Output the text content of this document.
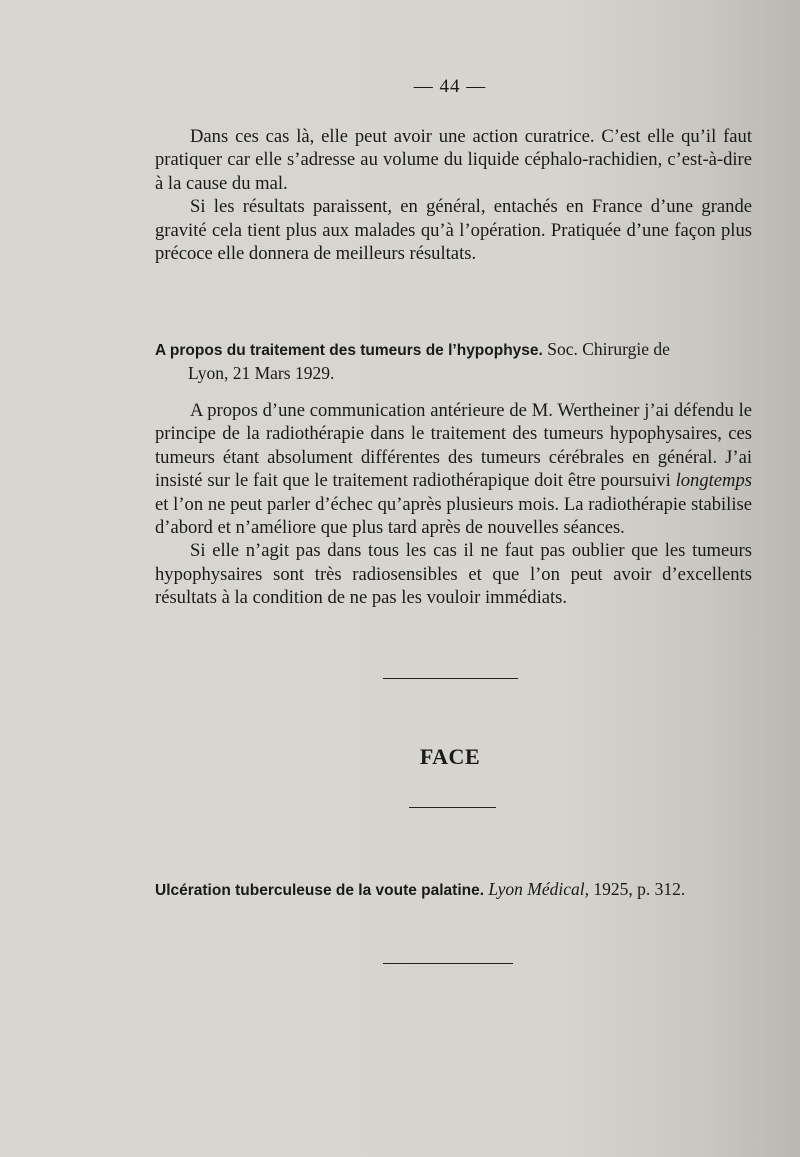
— 44 —

Dans ces cas là, elle peut avoir une action curatrice. C’est elle qu’il faut pratiquer car elle s’adresse au volume du liquide céphalo-rachidien, c’est-à-dire à la cause du mal.

Si les résultats paraissent, en général, entachés en France d’une grande gravité cela tient plus aux malades qu’à l’opération. Pratiquée d’une façon plus précoce elle donnera de meilleurs résultats.

A propos du traitement des tumeurs de l’hypophyse. Soc. Chirurgie de
Lyon, 21 Mars 1929.

A propos d’une communication antérieure de M. Wertheiner j’ai défendu le principe de la radiothérapie dans le traitement des tumeurs hypophysaires, ces tumeurs étant absolument différentes des tumeurs cérébrales en général. J’ai insisté sur le fait que le traitement radiothérapique doit être poursuivi longtemps et l’on ne peut parler d’échec qu’après plusieurs mois. La radiothérapie stabilise d’abord et n’améliore que plus tard après de nouvelles séances.

Si elle n’agit pas dans tous les cas il ne faut pas oublier que les tumeurs hypophysaires sont très radiosensibles et que l’on peut avoir d’excellents résultats à la condition de ne pas les vouloir immédiats.

FACE
Ulcération tuberculeuse de la voute palatine. Lyon Médical, 1925, p. 312.
